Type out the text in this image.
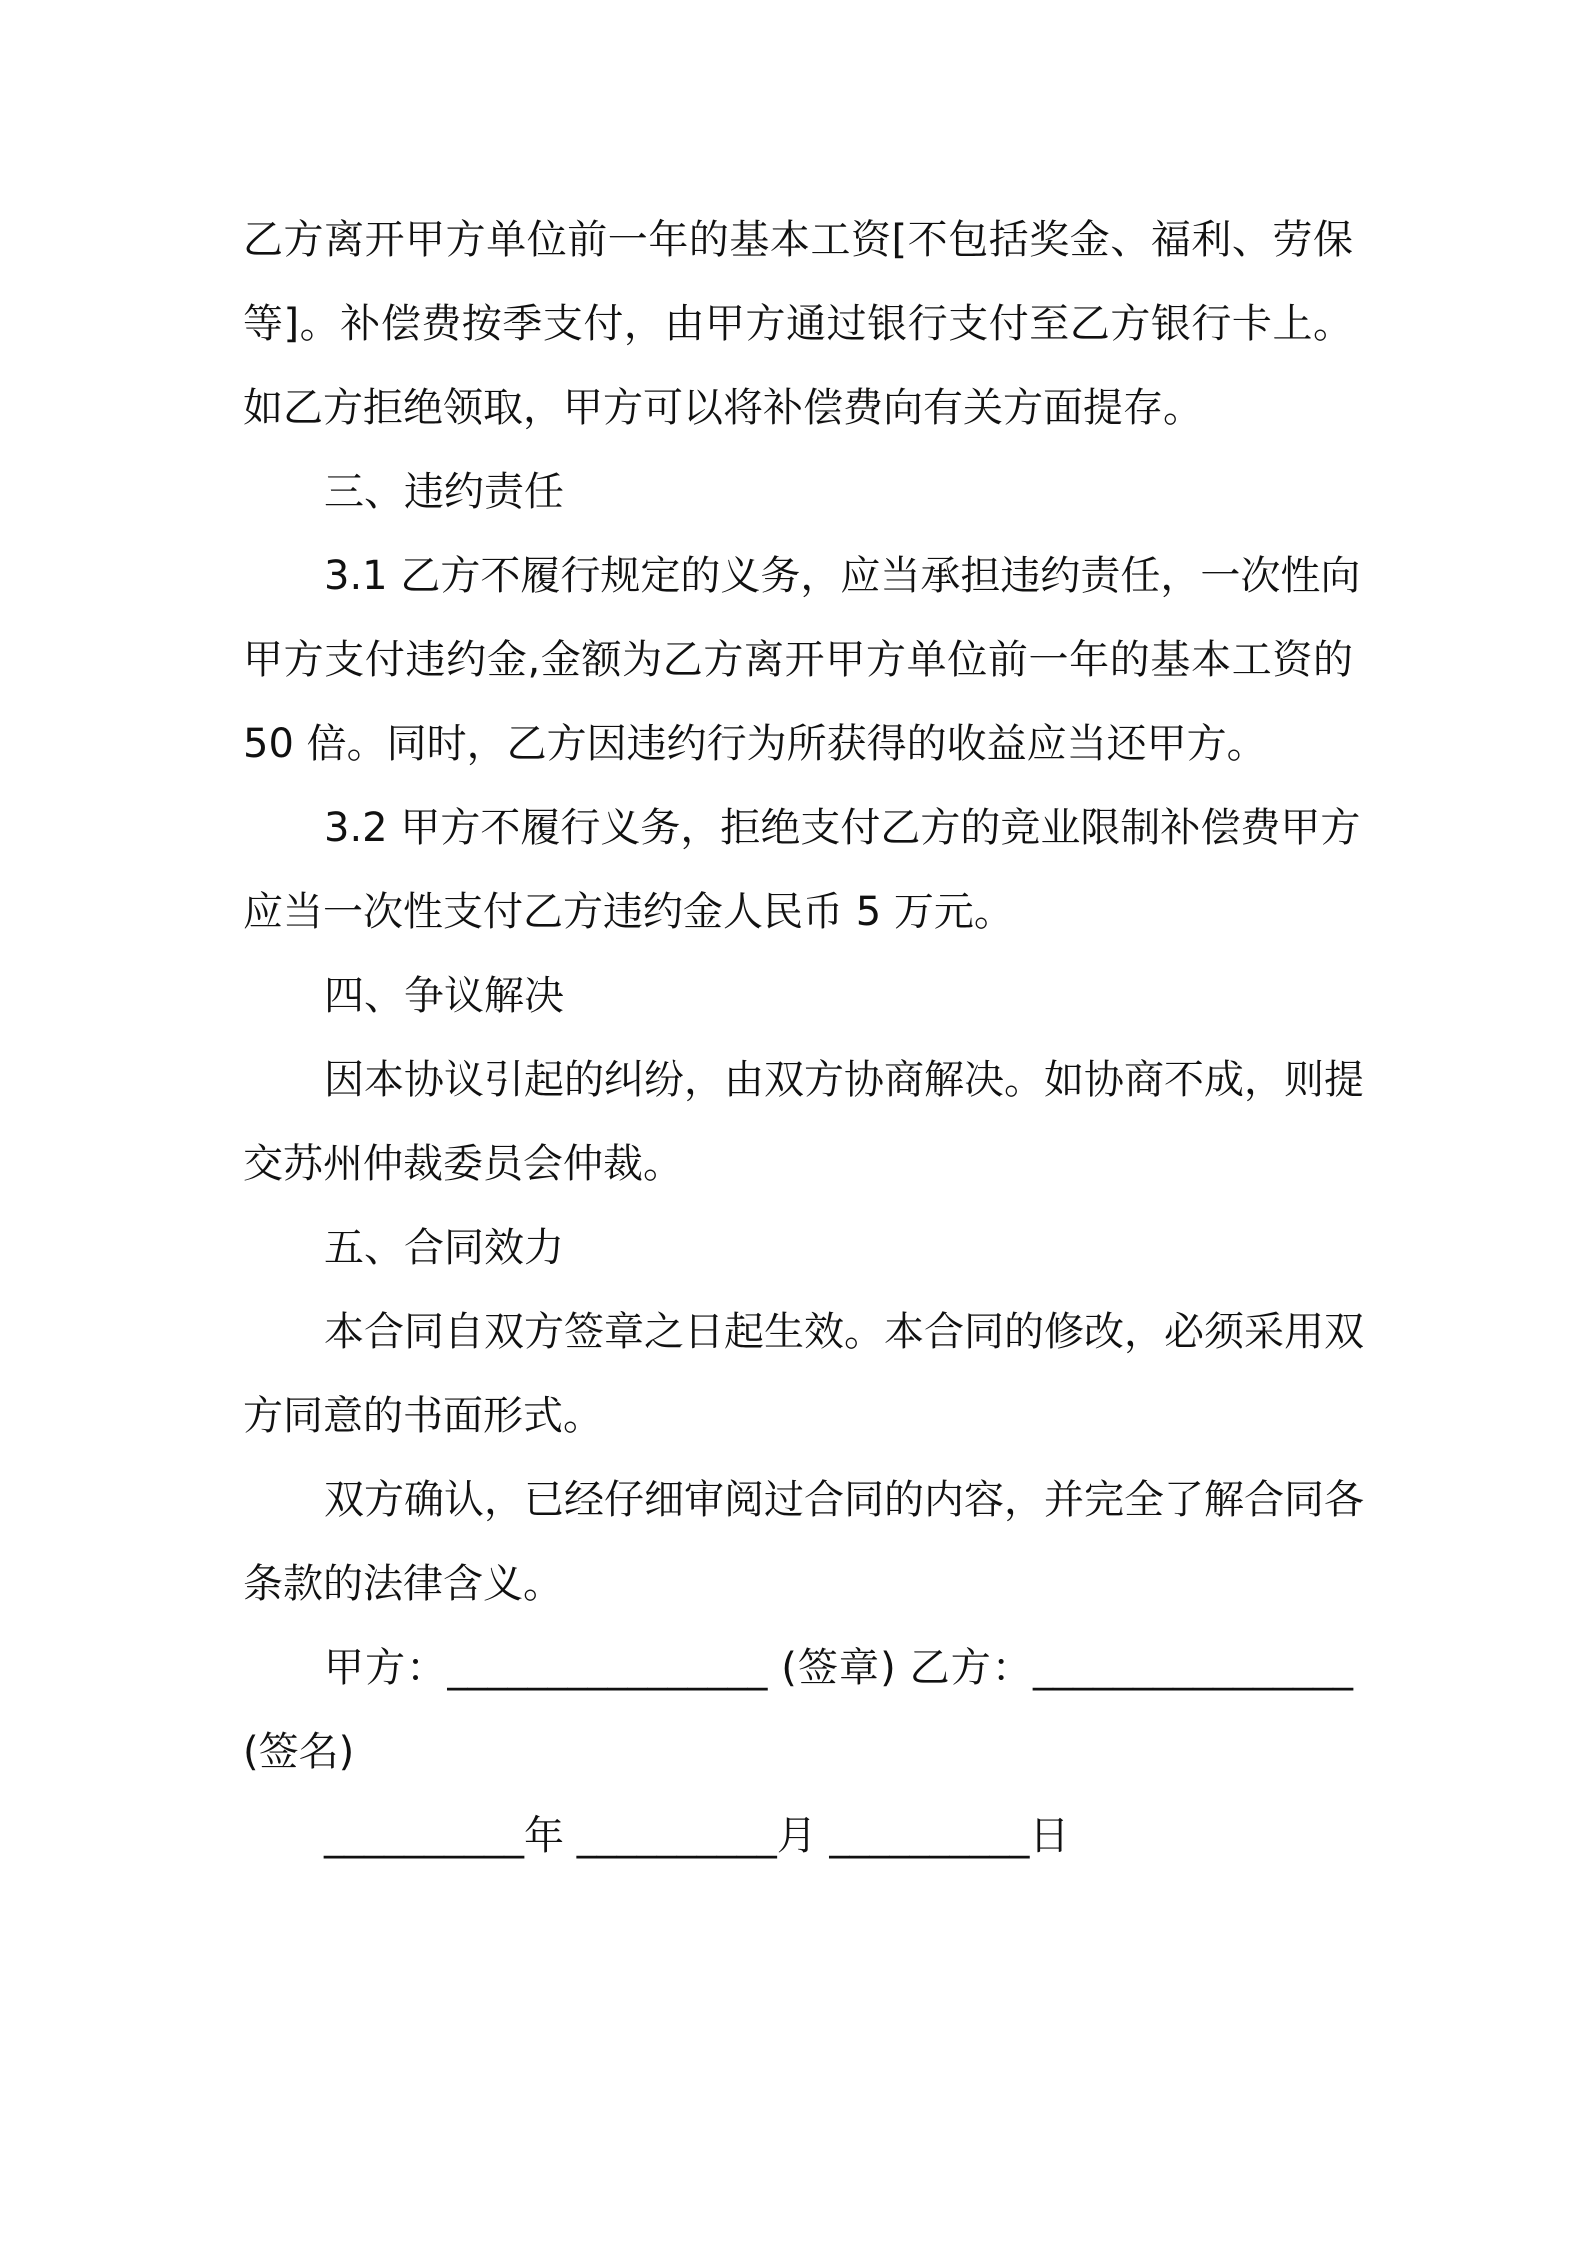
乙方离开甲方单位前一年的基本工资[不包括奖金、福利、劳保
等]。补偿费按季支付，由甲方通过银行支付至乙方银行卡上。
如乙方拒绝领取，甲方可以将补偿费向有关方面提存。
三、违约责任
3.1 乙方不履行规定的义务，应当承担违约责任，一次性向
甲方支付违约金,金额为乙方离开甲方单位前一年的基本工资的
50 倍。同时，乙方因违约行为所获得的收益应当还甲方。
3.2 甲方不履行义务，拒绝支付乙方的竞业限制补偿费甲方
应当一次性支付乙方违约金人民币 5 万元。
四、争议解决
因本协议引起的纠纷，由双方协商解决。如协商不成，则提
交苏州仲裁委员会仲裁。
五、合同效力
本合同自双方签章之日起生效。本合同的修改，必须采用双
方同意的书面形式。
双方确认，已经仔细审阅过合同的内容，并完全了解合同各
条款的法律含义。
甲方：________________ (签章) 乙方：________________
(签名)
__________年 __________月 __________日
